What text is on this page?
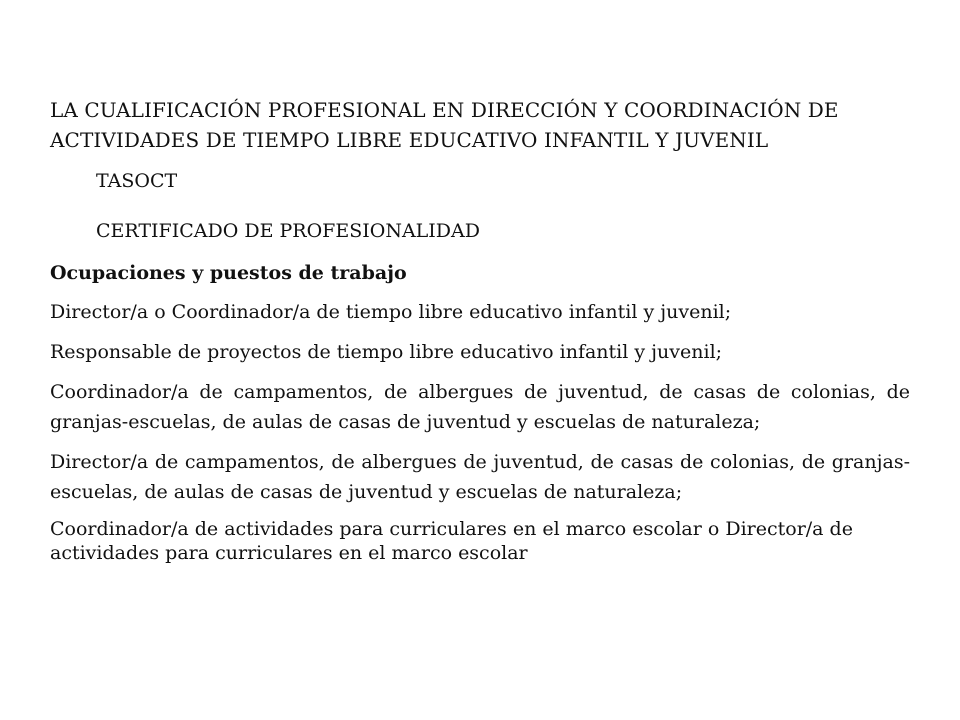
LA CUALIFICACIÓN PROFESIONAL EN DIRECCIÓN Y COORDINACIÓN DE ACTIVIDADES DE TIEMPO LIBRE EDUCATIVO INFANTIL Y JUVENIL
TASOCT
CERTIFICADO DE PROFESIONALIDAD
Ocupaciones y puestos de trabajo
Director/a o Coordinador/a de tiempo libre educativo infantil y juvenil;
Responsable de proyectos de tiempo libre educativo infantil y juvenil;
Coordinador/a de campamentos, de albergues de juventud, de casas de colonias, de granjas-escuelas, de aulas de casas de juventud y escuelas de naturaleza;
Director/a de campamentos, de albergues de juventud, de casas de colonias, de granjas-escuelas, de aulas de casas de juventud y escuelas de naturaleza;
Coordinador/a de actividades para curriculares en el marco escolar o Director/a de actividades para curriculares en el marco escolar
